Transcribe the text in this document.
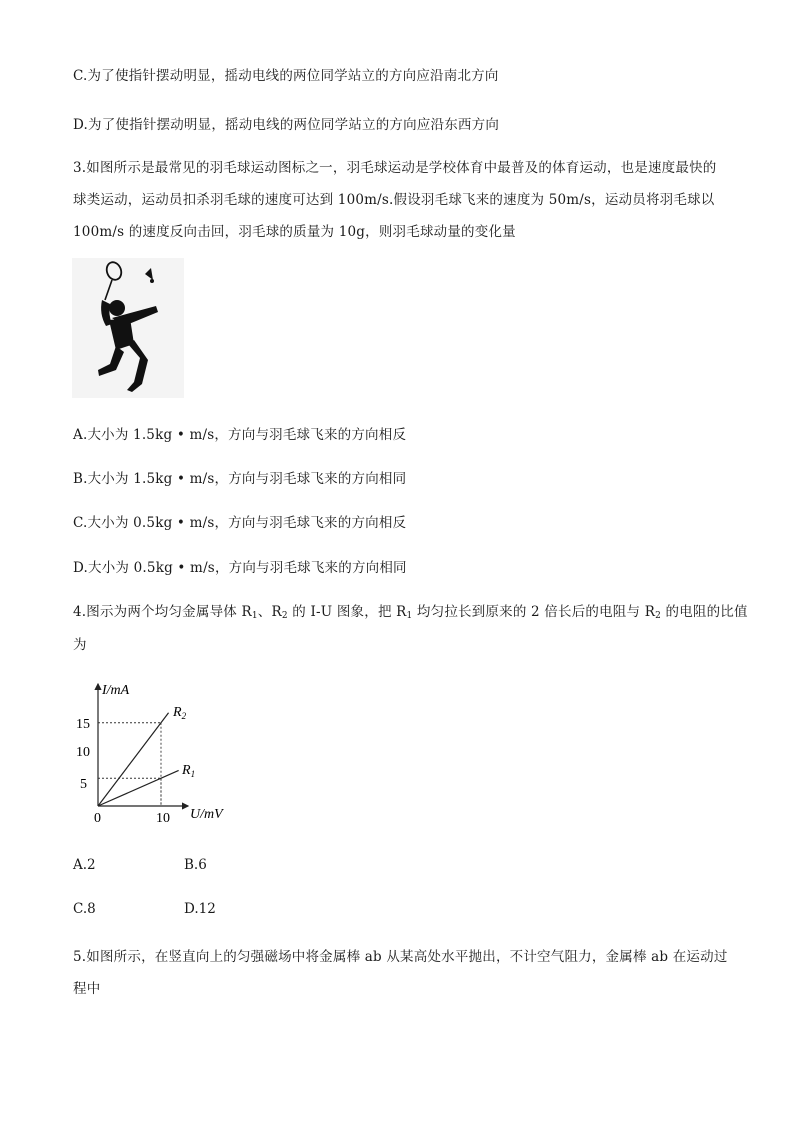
C.为了使指针摆动明显，摇动电线的两位同学站立的方向应沿南北方向
D.为了使指针摆动明显，摇动电线的两位同学站立的方向应沿东西方向
3.如图所示是最常见的羽毛球运动图标之一，羽毛球运动是学校体育中最普及的体育运动，也是速度最快的
球类运动，运动员扣杀羽毛球的速度可达到 100m/s.假设羽毛球飞来的速度为 50m/s，运动员将羽毛球以
100m/s 的速度反向击回，羽毛球的质量为 10g，则羽毛球动量的变化量
A.大小为 1.5kg • m/s，方向与羽毛球飞来的方向相反
B.大小为 1.5kg • m/s，方向与羽毛球飞来的方向相同
C.大小为 0.5kg • m/s，方向与羽毛球飞来的方向相反
D.大小为 0.5kg • m/s，方向与羽毛球飞来的方向相同
4.图示为两个均匀金属导体 $R_1$、$R_2$ 的 I-U 图象，把 $R_1$ 均匀拉长到原来的 2 倍长后的电阻与 $R_2$ 的电阻的比值
为
I/mA
U/mV
0
5
10
15
10
$R_2$
$R_1$
A.2	B.6
C.8	D.12
5.如图所示，在竖直向上的匀强磁场中将金属棒 ab 从某高处水平抛出，不计空气阻力，金属棒 ab 在运动过
程中
